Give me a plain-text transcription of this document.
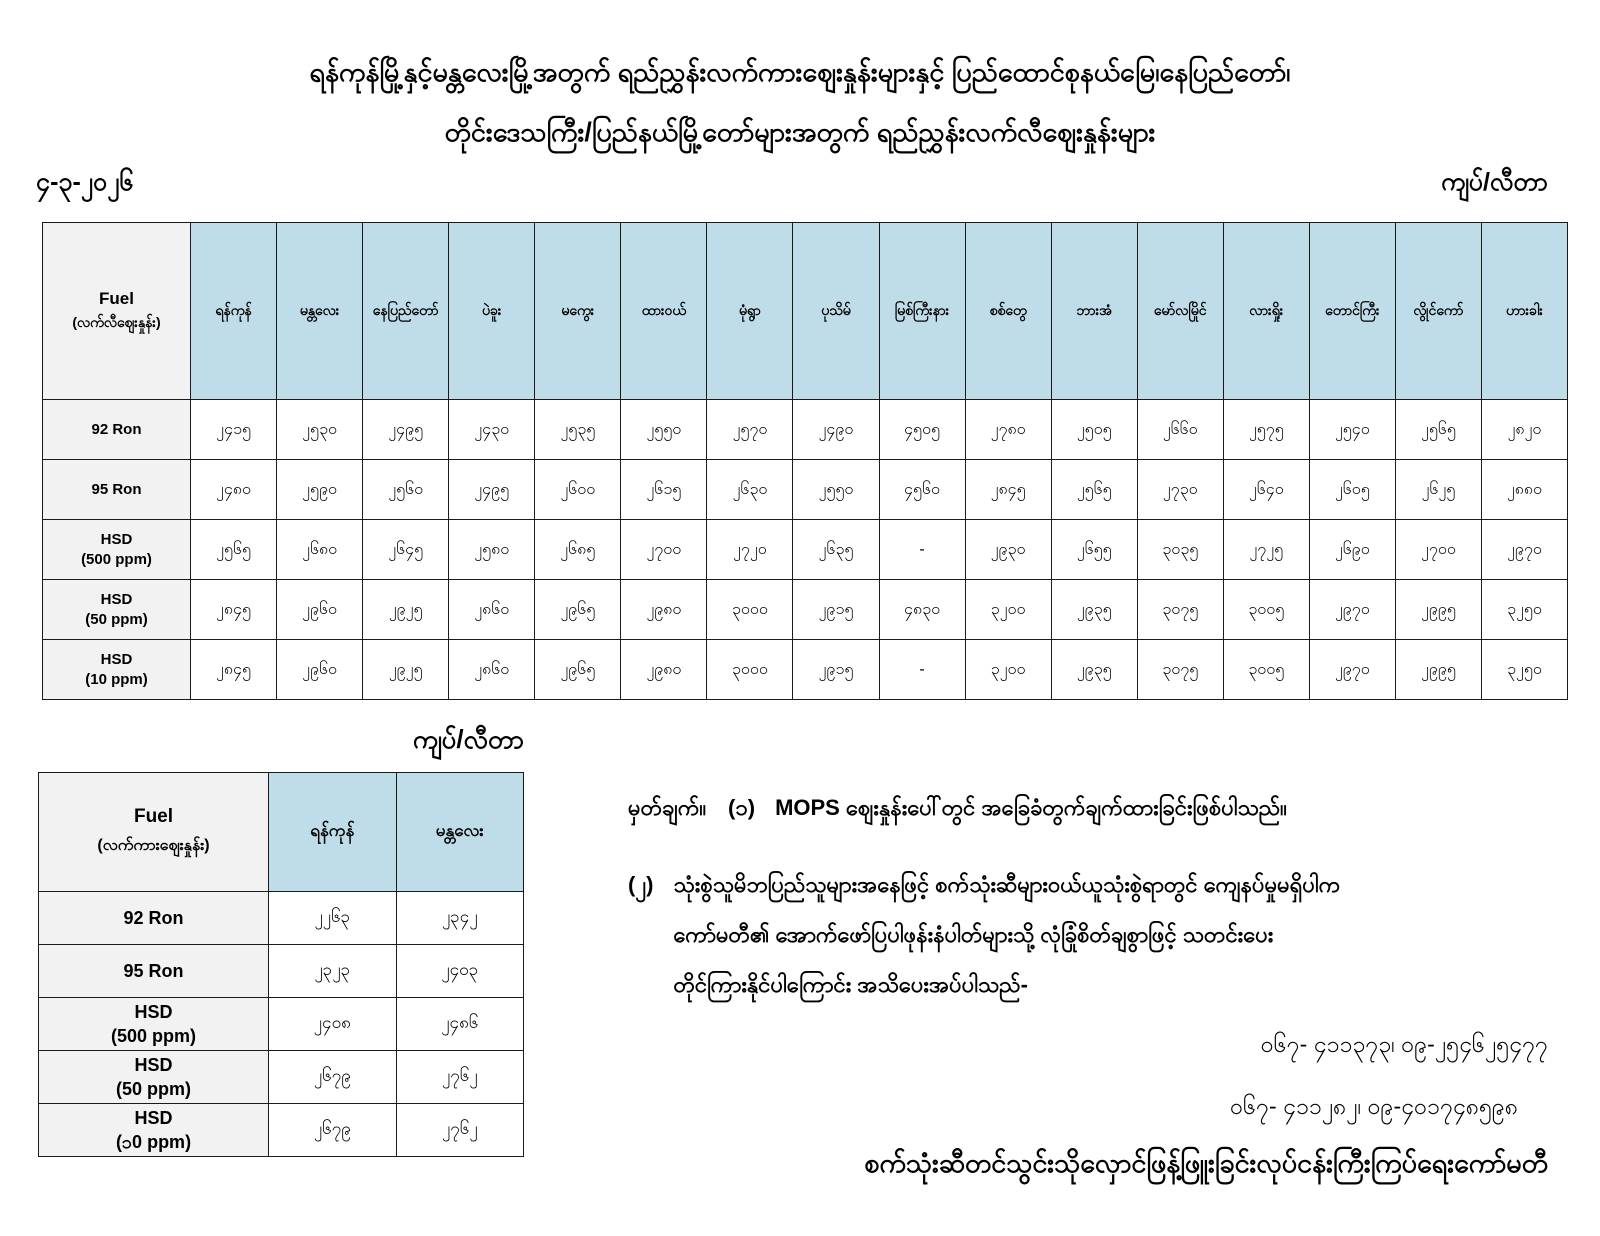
ရန်ကုန်မြို့နှင့်မန္တလေးမြို့အတွက် ရည်ညွှန်းလက်ကားဈေးနှုန်းများနှင့် ပြည်ထောင်စုနယ်မြေ၊နေပြည်တော်၊
တိုင်းဒေသကြီး/ပြည်နယ်မြို့တော်များအတွက် ရည်ညွှန်းလက်လီဈေးနှုန်းများ
၄-၃-၂၀၂၆	ကျပ်/လီတာ
Fuel
(လက်လီဈေးနှုန်း)	ရန်ကုန်	မန္တလေး	နေပြည်တော်	ပဲခူး	မကွေး	ထားဝယ်	မုံရွာ	ပုသိမ်	မြစ်ကြီးနား	စစ်တွေ	ဘားအံ	မော်လမြိုင်	လားရှိုး	တောင်ကြီး	လွိုင်ကော်	ဟားခါး

92 Ron	၂၄၁၅	၂၅၃၀	၂၄၉၅	၂၄၃၀	၂၅၃၅	၂၅၅၀	၂၅၇၀	၂၄၉၀	၄၅၀၅	၂၇၈၀	၂၅၀၅	၂၆၆၀	၂၅၇၅	၂၅၄၀	၂၅၆၅	၂၈၂၀

95 Ron	၂၄၈၀	၂၅၉၀	၂၅၆၀	၂၄၉၅	၂၆၀၀	၂၆၁၅	၂၆၃၀	၂၅၅၀	၄၅၆၀	၂၈၄၅	၂၅၆၅	၂၇၃၀	၂၆၄၀	၂၆၀၅	၂၆၂၅	၂၈၈၀

HSD
(500 ppm)	၂၅၆၅	၂၆၈၀	၂၆၄၅	၂၅၈၀	၂၆၈၅	၂၇၀၀	၂၇၂၀	၂၆၃၅	-	၂၉၃၀	၂၆၅၅	၃၀၃၅	၂၇၂၅	၂၆၉၀	၂၇၀၀	၂၉၇၀

HSD
(50 ppm)	၂၈၄၅	၂၉၆၀	၂၉၂၅	၂၈၆၀	၂၉၆၅	၂၉၈၀	၃၀၀၀	၂၉၁၅	၄၈၃၀	၃၂၀၀	၂၉၃၅	၃၀၇၅	၃၀၀၅	၂၉၇၀	၂၉၉၅	၃၂၅၀

HSD
(10 ppm)	၂၈၄၅	၂၉၆၀	၂၉၂၅	၂၈၆၀	၂၉၆၅	၂၉၈၀	၃၀၀၀	၂၉၁၅	-	၃၂၀၀	၂၉၃၅	၃၀၇၅	၃၀၀၅	၂၉၇၀	၂၉၉၅	၃၂၅၀
ကျပ်/လီတာ
Fuel
(လက်ကားဈေးနှုန်း)	ရန်ကုန်	မန္တလေး

92 Ron	၂၂၆၃	၂၃၄၂

95 Ron	၂၃၂၃	၂၄၀၃

HSD
(500 ppm)	၂၄၀၈	၂၄၈၆

HSD
(50 ppm)	၂၆၇၉	၂၇၆၂

HSD
(၁0 ppm)	၂၆၇၉	၂၇၆၂
မှတ်ချက်။ (၁) MOPS ဈေးနှုန်းပေါ်တွင် အခြေခံတွက်ချက်ထားခြင်းဖြစ်ပါသည်။
(၂) သုံးစွဲသူမိဘပြည်သူများအနေဖြင့် စက်သုံးဆီများဝယ်ယူသုံးစွဲရာတွင် ကျေနပ်မှုမရှိပါက
ကော်မတီ၏ အောက်ဖော်ပြပါဖုန်းနံပါတ်များသို့ လုံခြုံစိတ်ချစွာဖြင့် သတင်းပေး
တိုင်ကြားနိုင်ပါကြောင်း အသိပေးအပ်ပါသည်-
၀၆၇- ၄၁၁၃၇၃၊ ၀၉-၂၅၄၆၂၅၄၇၇
၀၆၇- ၄၁၁၂၈၂၊ ၀၉-၄၀၁၇၄၈၅၉၈
စက်သုံးဆီတင်သွင်းသိုလှောင်ဖြန့်ဖြူးခြင်းလုပ်ငန်းကြီးကြပ်ရေးကော်မတီ
